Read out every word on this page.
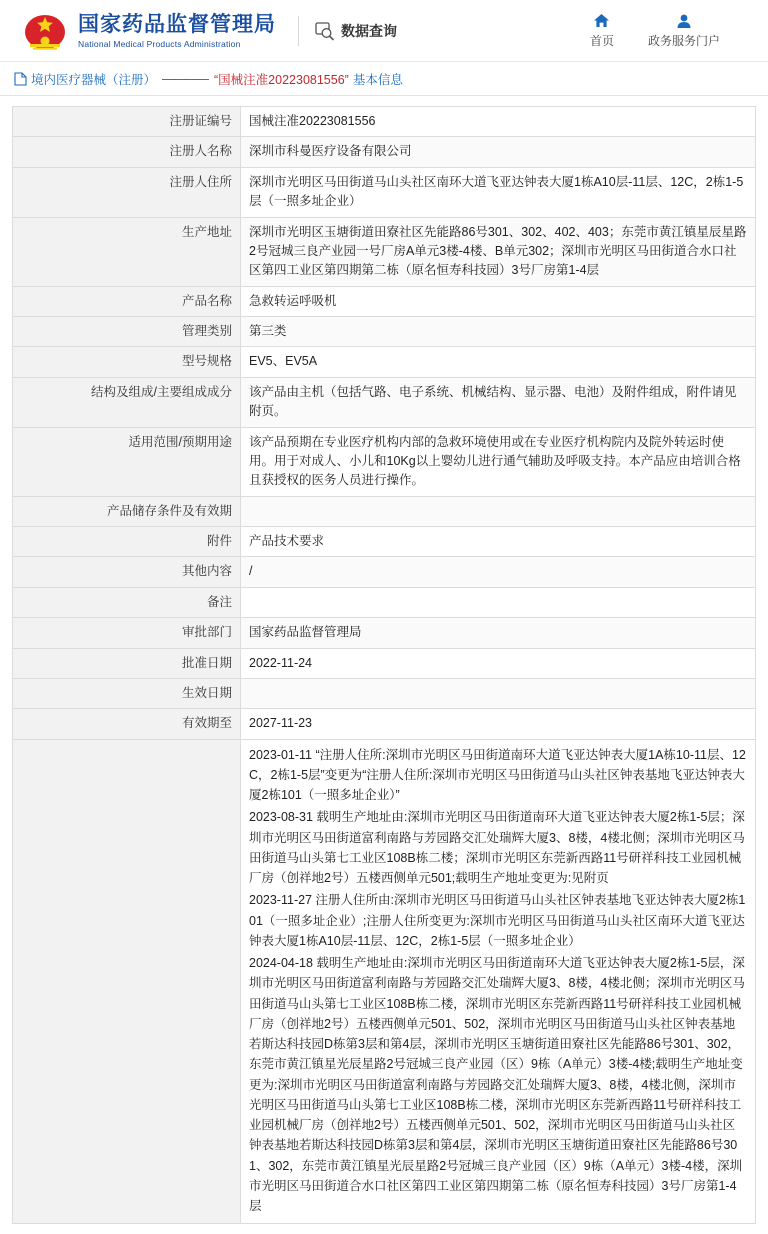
国家药品监督管理局
National Medical Products Administration
数据查询
首页	政务服务门户
境内医疗器械（注册） ———— “国械注准20223081556” 基本信息
注册证编号	国械注准20223081556
注册人名称	深圳市科曼医疗设备有限公司
注册人住所	深圳市光明区马田街道马山头社区南环大道飞亚达钟表大厦1栋A10层-11层、12C，2栋1-5层（一照多址企业）
生产地址	深圳市光明区玉塘街道田寮社区先能路86号301、302、402、403；东莞市黄江镇星辰星路2号冠城三良产业园一号厂房A单元3楼-4楼、B单元302；深圳市光明区马田街道合水口社区第四工业区第四期第二栋（原名恒寿科技园）3号厂房第1-4层
产品名称	急救转运呼吸机
管理类别	第三类
型号规格	EV5、EV5A
结构及组成/主要组成成分	该产品由主机（包括气路、电子系统、机械结构、显示器、电池）及附件组成，附件请见附页。
适用范围/预期用途	该产品预期在专业医疗机构内部的急救环境使用或在专业医疗机构院内及院外转运时使用。用于对成人、小儿和10Kg以上婴幼儿进行通气辅助及呼吸支持。本产品应由培训合格且获授权的医务人员进行操作。
产品储存条件及有效期	
附件	产品技术要求
其他内容	/
备注	
审批部门	国家药品监督管理局
批准日期	2022-11-24
生效日期	
有效期至	2027-11-23

	2023-01-11 “注册人住所:深圳市光明区马田街道南环大道飞亚达钟表大厦1A栋10-11层、12C，2栋1-5层”变更为“注册人住所:深圳市光明区马田街道马山头社区钟表基地飞亚达钟表大厦2栋101（一照多址企业）”

2023-08-31 载明生产地址由:深圳市光明区马田街道南环大道飞亚达钟表大厦2栋1-5层；深圳市光明区马田街道富利南路与芳园路交汇处瑞辉大厦3、8楼，4楼北侧；深圳市光明区马田街道马山头第七工业区108B栋二楼；深圳市光明区东莞新西路11号研祥科技工业园机械厂房（创祥地2号）五楼西侧单元501;载明生产地址变更为:见附页

2023-11-27 注册人住所由:深圳市光明区马田街道马山头社区钟表基地飞亚达钟表大厦2栋101（一照多址企业）;注册人住所变更为:深圳市光明区马田街道马山头社区南环大道飞亚达钟表大厦1栋A10层-11层、12C，2栋1-5层（一照多址企业）

2024-04-18 载明生产地址由:深圳市光明区马田街道南环大道飞亚达钟表大厦2栋1-5层，深圳市光明区马田街道富利南路与芳园路交汇处瑞辉大厦3、8楼，4楼北侧；深圳市光明区马田街道马山头第七工业区108B栋二楼，深圳市光明区东莞新西路11号研祥科技工业园机械厂房（创祥地2号）五楼西侧单元501、502，深圳市光明区马田街道马山头社区钟表基地若斯达科技园D栋第3层和第4层，深圳市光明区玉塘街道田寮社区先能路86号301、302，东莞市黄江镇星光辰星路2号冠城三良产业园（区）9栋（A单元）3楼-4楼;载明生产地址变更为:深圳市光明区马田街道富利南路与芳园路交汇处瑞辉大厦3、8楼，4楼北侧，深圳市光明区马田街道马山头第七工业区108B栋二楼，深圳市光明区东莞新西路11号研祥科技工业园机械厂房（创祥地2号）五楼西侧单元501、502，深圳市光明区马田街道马山头社区钟表基地若斯达科技园D栋第3层和第4层，深圳市光明区玉塘街道田寮社区先能路86号301、302，东莞市黄江镇星光辰星路2号冠城三良产业园（区）9栋（A单元）3楼-4楼，深圳市光明区马田街道合水口社区第四工业区第四期第二栋（原名恒寿科技园）3号厂房第1-4层
